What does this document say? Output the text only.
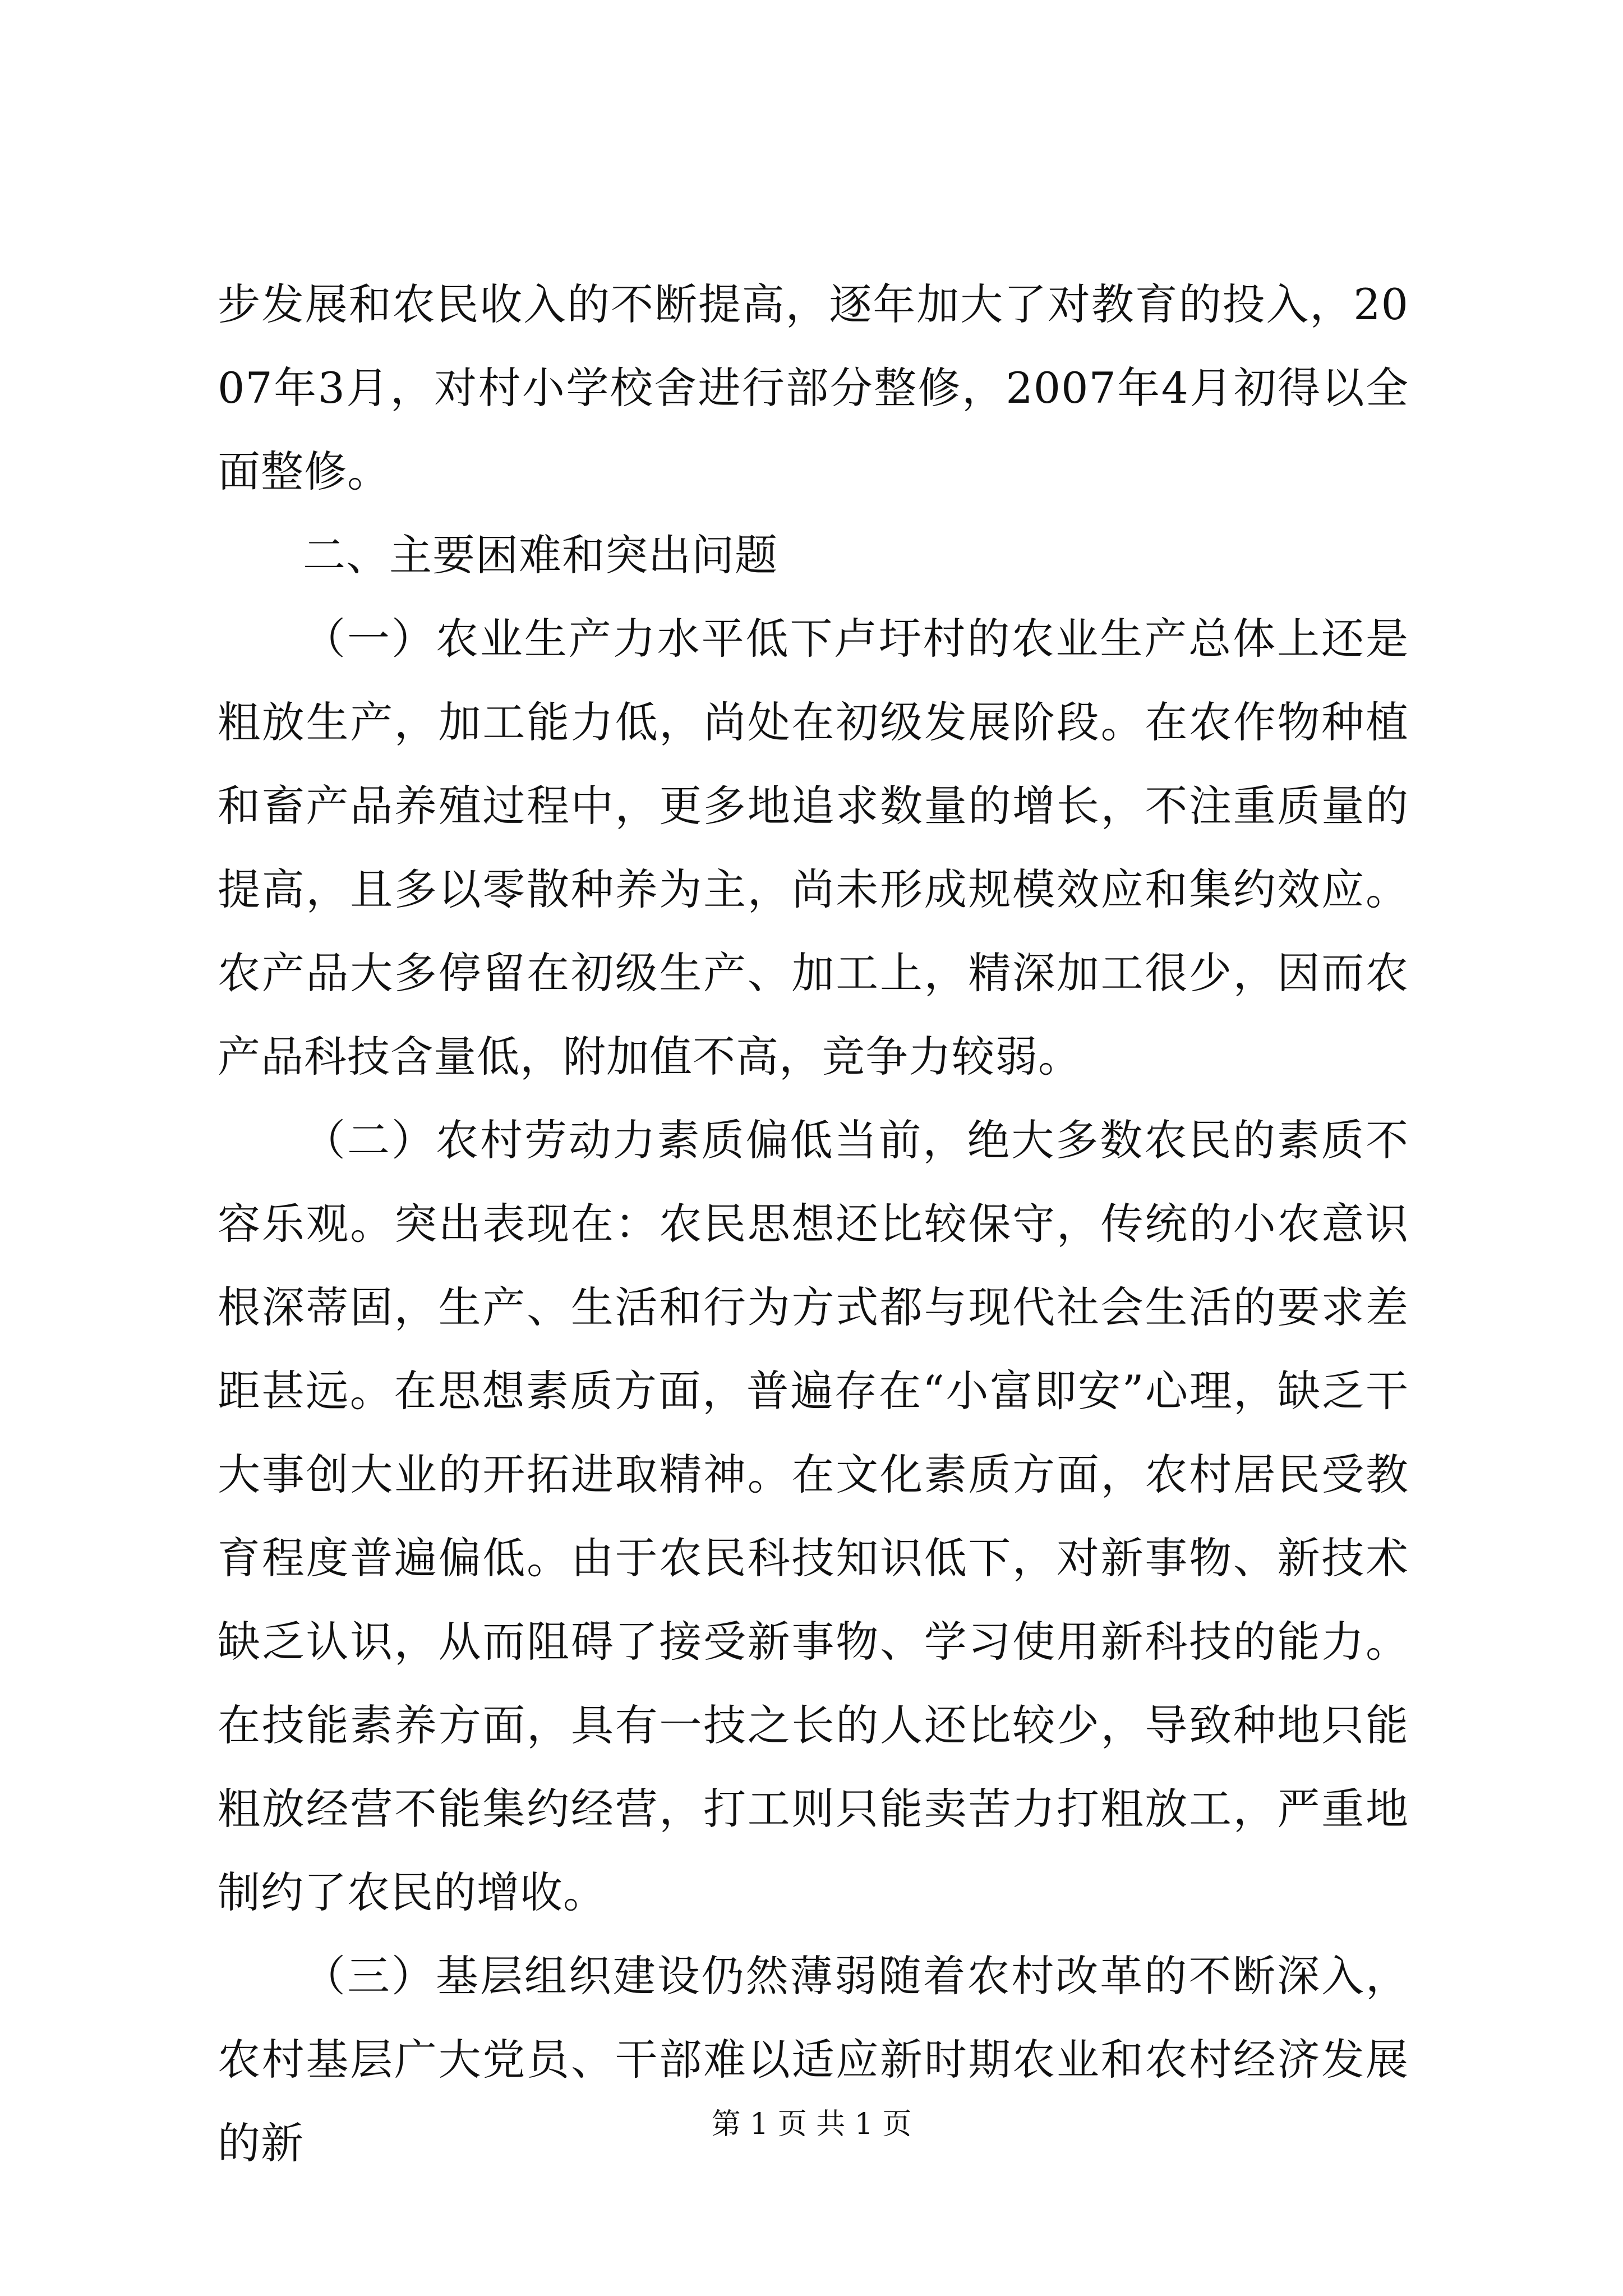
步发展和农民收入的不断提高，逐年加大了对教育的投入，2007年3月，对村小学校舍进行部分整修，2007年4月初得以全面整修。

二、主要困难和突出问题

（一）农业生产力水平低下卢圩村的农业生产总体上还是粗放生产，加工能力低，尚处在初级发展阶段。在农作物种植和畜产品养殖过程中，更多地追求数量的增长，不注重质量的提高，且多以零散种养为主，尚未形成规模效应和集约效应。农产品大多停留在初级生产、加工上，精深加工很少，因而农产品科技含量低，附加值不高，竞争力较弱。

（二）农村劳动力素质偏低当前，绝大多数农民的素质不容乐观。突出表现在：农民思想还比较保守，传统的小农意识根深蒂固，生产、生活和行为方式都与现代社会生活的要求差距甚远。在思想素质方面，普遍存在“小富即安”心理，缺乏干大事创大业的开拓进取精神。在文化素质方面，农村居民受教育程度普遍偏低。由于农民科技知识低下，对新事物、新技术缺乏认识，从而阻碍了接受新事物、学习使用新科技的能力。在技能素养方面，具有一技之长的人还比较少，导致种地只能粗放经营不能集约经营，打工则只能卖苦力打粗放工，严重地制约了农民的增收。

（三）基层组织建设仍然薄弱随着农村改革的不断深入，农村基层广大党员、干部难以适应新时期农业和农村经济发展的新	第 1 页 共 1 页
